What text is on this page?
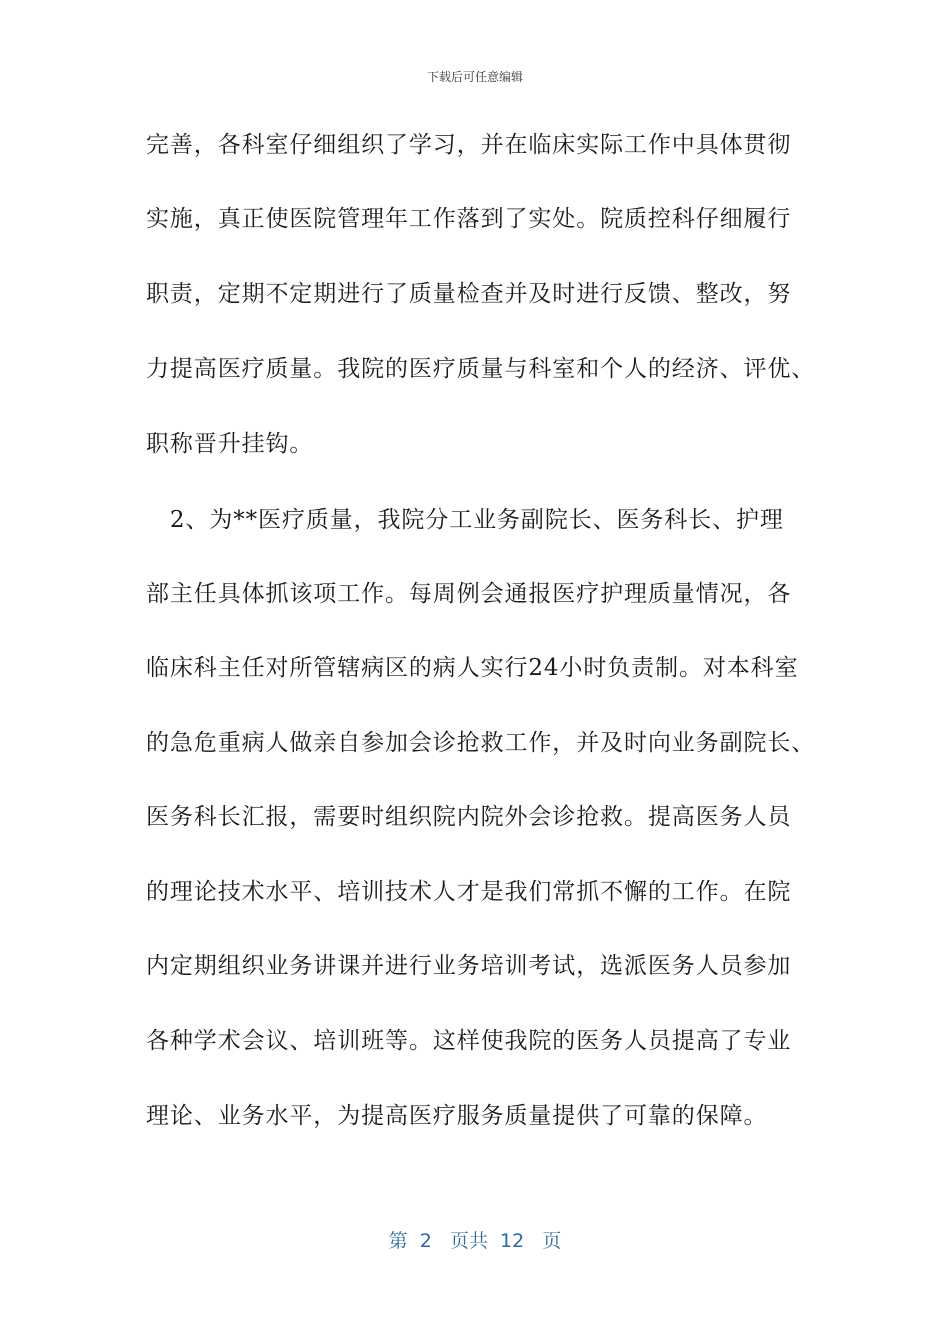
下载后可任意编辑
完善，各科室仔细组织了学习，并在临床实际工作中具体贯彻
实施，真正使医院管理年工作落到了实处。院质控科仔细履行
职责，定期不定期进行了质量检查并及时进行反馈、整改，努
力提高医疗质量。我院的医疗质量与科室和个人的经济、评优、
职称晋升挂钩。
　2、为**医疗质量，我院分工业务副院长、医务科长、护理
部主任具体抓该项工作。每周例会通报医疗护理质量情况，各
临床科主任对所管辖病区的病人实行24小时负责制。对本科室
的急危重病人做亲自参加会诊抢救工作，并及时向业务副院长、
医务科长汇报，需要时组织院内院外会诊抢救。提高医务人员
的理论技术水平、培训技术人才是我们常抓不懈的工作。在院
内定期组织业务讲课并进行业务培训考试，选派医务人员参加
各种学术会议、培训班等。这样使我院的医务人员提高了专业
理论、业务水平，为提高医疗服务质量提供了可靠的保障。
第  2   页共  12   页
